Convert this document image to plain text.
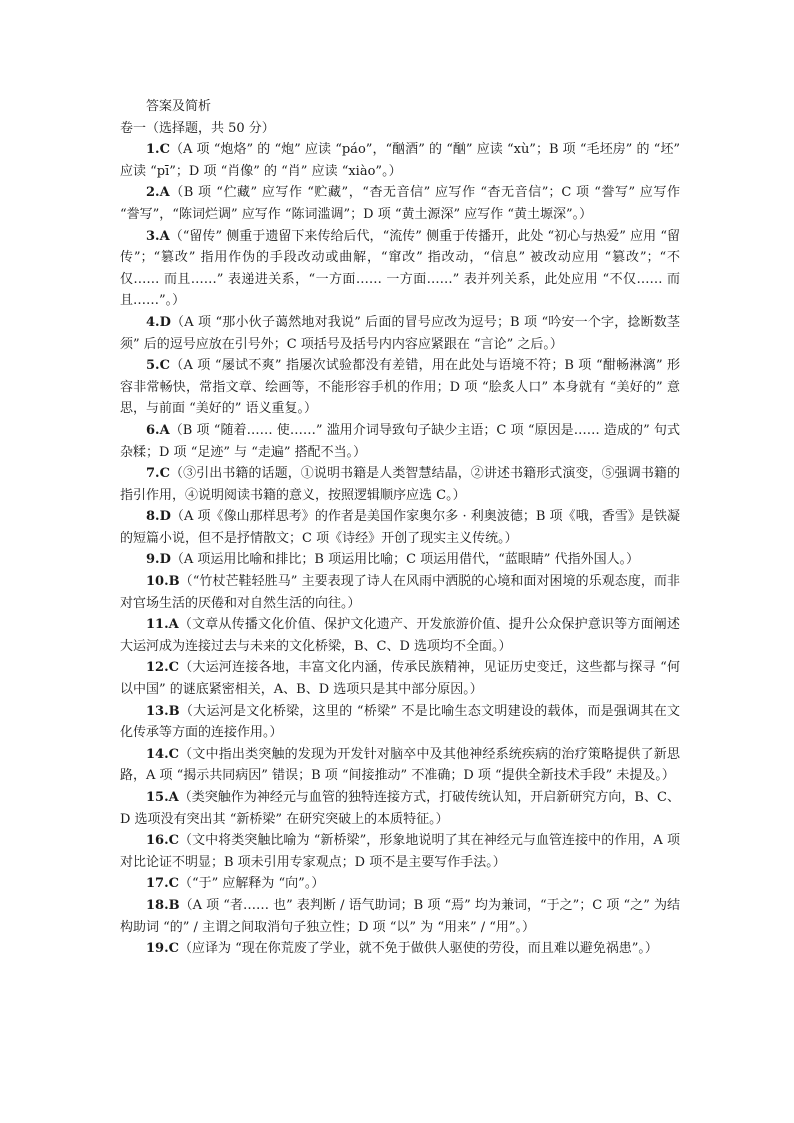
答案及简析
卷一（选择题，共 50 分）

1.C（A 项 “炮烙” 的 “炮” 应读 “páo”，“酗酒” 的 “酗” 应读 “xù”；B 项 “毛坯房” 的 “坯” 应读 “pī”；D 项 “肖像” 的 “肖” 应读 “xiào”。）

2.A（B 项 “伫藏” 应写作 “贮藏”，“杳无音信” 应写作 “杳无音信”；C 项 “誊写” 应写作 “誊写”，“陈词烂调” 应写作 “陈词滥调”；D 项 “黄土源深” 应写作 “黄土塬深”。）

3.A（“留传” 侧重于遗留下来传给后代，“流传” 侧重于传播开，此处 “初心与热爱” 应用 “留传”；“篡改” 指用作伪的手段改动或曲解，“窜改” 指改动，“信息” 被改动应用 “篡改”；“不仅…… 而且……” 表递进关系，“一方面…… 一方面……” 表并列关系，此处应用 “不仅…… 而且……”。）

4.D（A 项 “那小伙子蔼然地对我说” 后面的冒号应改为逗号；B 项 “吟安一个字，捻断数茎须” 后的逗号应放在引号外；C 项括号及括号内内容应紧跟在 “言论” 之后。）

5.C（A 项 “屡试不爽” 指屡次试验都没有差错，用在此处与语境不符；B 项 “酣畅淋漓” 形容非常畅快，常指文章、绘画等，不能形容手机的作用；D 项 “脍炙人口” 本身就有 “美好的” 意思，与前面 “美好的” 语义重复。）

6.A（B 项 “随着…… 使……” 滥用介词导致句子缺少主语；C 项 “原因是…… 造成的” 句式杂糅；D 项 “足迹” 与 “走遍” 搭配不当。）

7.C（③引出书籍的话题，①说明书籍是人类智慧结晶，②讲述书籍形式演变，⑤强调书籍的指引作用，④说明阅读书籍的意义，按照逻辑顺序应选 C。）

8.D（A 项《像山那样思考》的作者是美国作家奥尔多 · 利奥波德；B 项《哦，香雪》是铁凝的短篇小说，但不是抒情散文；C 项《诗经》开创了现实主义传统。）

9.D（A 项运用比喻和排比；B 项运用比喻；C 项运用借代，“蓝眼睛” 代指外国人。）

10.B（“竹杖芒鞋轻胜马” 主要表现了诗人在风雨中洒脱的心境和面对困境的乐观态度，而非对官场生活的厌倦和对自然生活的向往。）

11.A（文章从传播文化价值、保护文化遗产、开发旅游价值、提升公众保护意识等方面阐述大运河成为连接过去与未来的文化桥梁，B、C、D 选项均不全面。）

12.C（大运河连接各地，丰富文化内涵，传承民族精神，见证历史变迁，这些都与探寻 “何以中国” 的谜底紧密相关，A、B、D 选项只是其中部分原因。）

13.B（大运河是文化桥梁，这里的 “桥梁” 不是比喻生态文明建设的载体，而是强调其在文化传承等方面的连接作用。）

14.C（文中指出类突触的发现为开发针对脑卒中及其他神经系统疾病的治疗策略提供了新思路，A 项 “揭示共同病因” 错误；B 项 “间接推动” 不准确；D 项 “提供全新技术手段” 未提及。）

15.A（类突触作为神经元与血管的独特连接方式，打破传统认知，开启新研究方向，B、C、D 选项没有突出其 “新桥梁” 在研究突破上的本质特征。）

16.C（文中将类突触比喻为 “新桥梁”，形象地说明了其在神经元与血管连接中的作用，A 项对比论证不明显；B 项未引用专家观点；D 项不是主要写作手法。）

17.C（“于” 应解释为 “向”。）

18.B（A 项 “者…… 也” 表判断 / 语气助词；B 项 “焉” 均为兼词，“于之”；C 项 “之” 为结构助词 “的” / 主谓之间取消句子独立性；D 项 “以” 为 “用来” / “用”。）

19.C（应译为 “现在你荒废了学业，就不免于做供人驱使的劳役，而且难以避免祸患”。）
